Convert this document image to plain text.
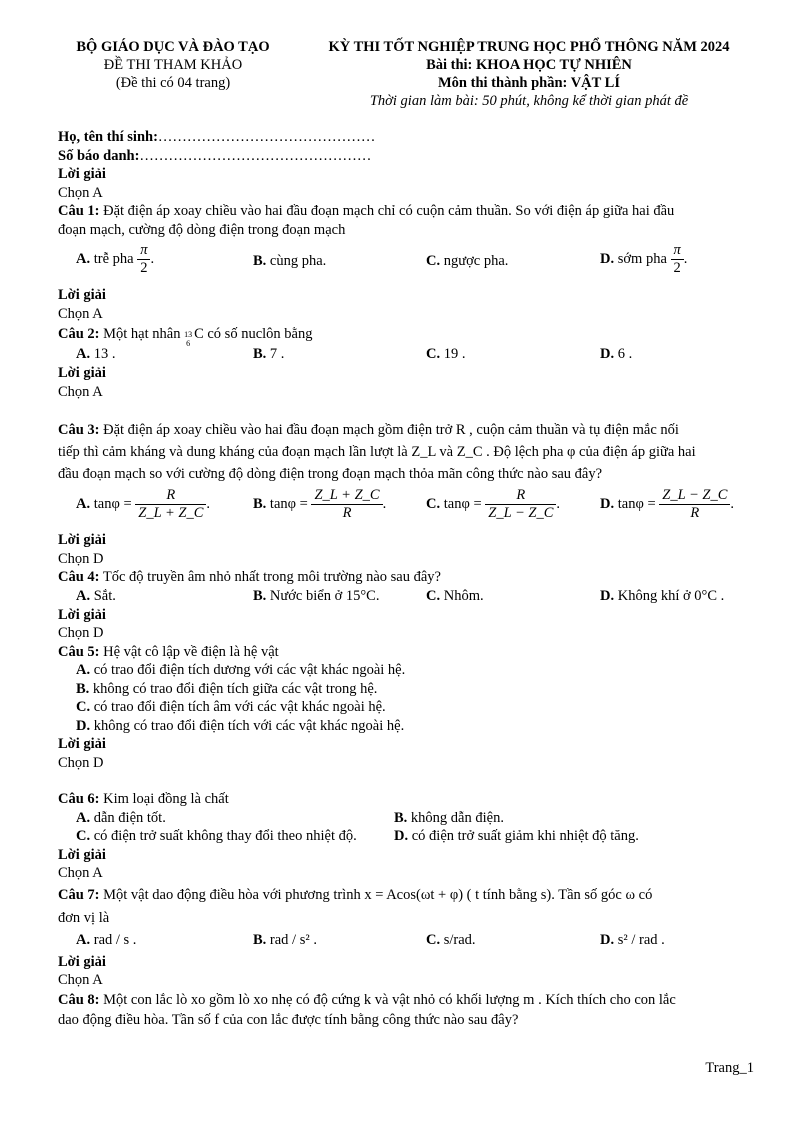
BỘ GIÁO DỤC VÀ ĐÀO TẠO
ĐỀ THI THAM KHẢO
(Đề thi có 04 trang)
KỲ THI TỐT NGHIỆP TRUNG HỌC PHỔ THÔNG NĂM 2024
Bài thi: KHOA HỌC TỰ NHIÊN
Môn thi thành phần: VẬT LÍ
Thời gian làm bài: 50 phút, không kể thời gian phát đề
Họ, tên thí sinh:………………………………………
Số báo danh:…………………………………………
Lời giải
Chọn A
Câu 1: Đặt điện áp xoay chiều vào hai đầu đoạn mạch chỉ có cuộn cảm thuần. So với điện áp giữa hai đầu
đoạn mạch, cường độ dòng điện trong đoạn mạch
A. trễ pha $\frac{\pi}{2}$ .	B. cùng pha.	C. ngược pha.	D. sớm pha $\frac{\pi}{2}$ .
Lời giải
Chọn A
Câu 2: Một hạt nhân 13
6
C có số nuclôn bằng
A. 13 .	B. 7 .	C. 19 .	D. 6 .
Lời giải
Chọn A
Câu 3: Đặt điện áp xoay chiều vào hai đầu đoạn mạch gồm điện trở R , cuộn cảm thuần và tụ điện mắc nối
tiếp thì cảm kháng và dung kháng của đoạn mạch lần lượt là Z_L và Z_C . Độ lệch pha φ của điện áp giữa hai
đầu đoạn mạch so với cường độ dòng điện trong đoạn mạch thỏa mãn công thức nào sau đây?
A. $\tan\varphi = \frac{R}{Z\_L + Z\_C}$ .	B. $\tan\varphi = \frac{Z\_L + Z\_C}{R}$ .	C. $\tan\varphi = \frac{R}{Z\_L - Z\_C}$ .	D. $\tan\varphi = \frac{Z\_L - Z\_C}{R}$ .
Lời giải
Chọn D
Câu 4: Tốc độ truyền âm nhỏ nhất trong môi trường nào sau đây?
A. Sắt.	B. Nước biển ở 15°C.	C. Nhôm.	D. Không khí ở 0°C .
Lời giải
Chọn D
Câu 5: Hệ vật cô lập về điện là hệ vật
A. có trao đổi điện tích dương với các vật khác ngoài hệ.
B. không có trao đổi điện tích giữa các vật trong hệ.
C. có trao đổi điện tích âm với các vật khác ngoài hệ.
D. không có trao đổi điện tích với các vật khác ngoài hệ.
Lời giải
Chọn D
Câu 6: Kim loại đồng là chất
A. dẫn điện tốt.	B. không dẫn điện.
C. có điện trở suất không thay đổi theo nhiệt độ.	D. có điện trở suất giảm khi nhiệt độ tăng.
Lời giải
Chọn A
Câu 7: Một vật dao động điều hòa với phương trình x = Acos(ωt + φ) ( t tính bằng s). Tần số góc ω có
đơn vị là
A. rad / s .	B. rad / s² .	C. s/rad.	D. s² / rad .
Lời giải
Chọn A
Câu 8: Một con lắc lò xo gồm lò xo nhẹ có độ cứng k và vật nhỏ có khối lượng m . Kích thích cho con lắc
dao động điều hòa. Tần số f của con lắc được tính bằng công thức nào sau đây?
Trang_1
